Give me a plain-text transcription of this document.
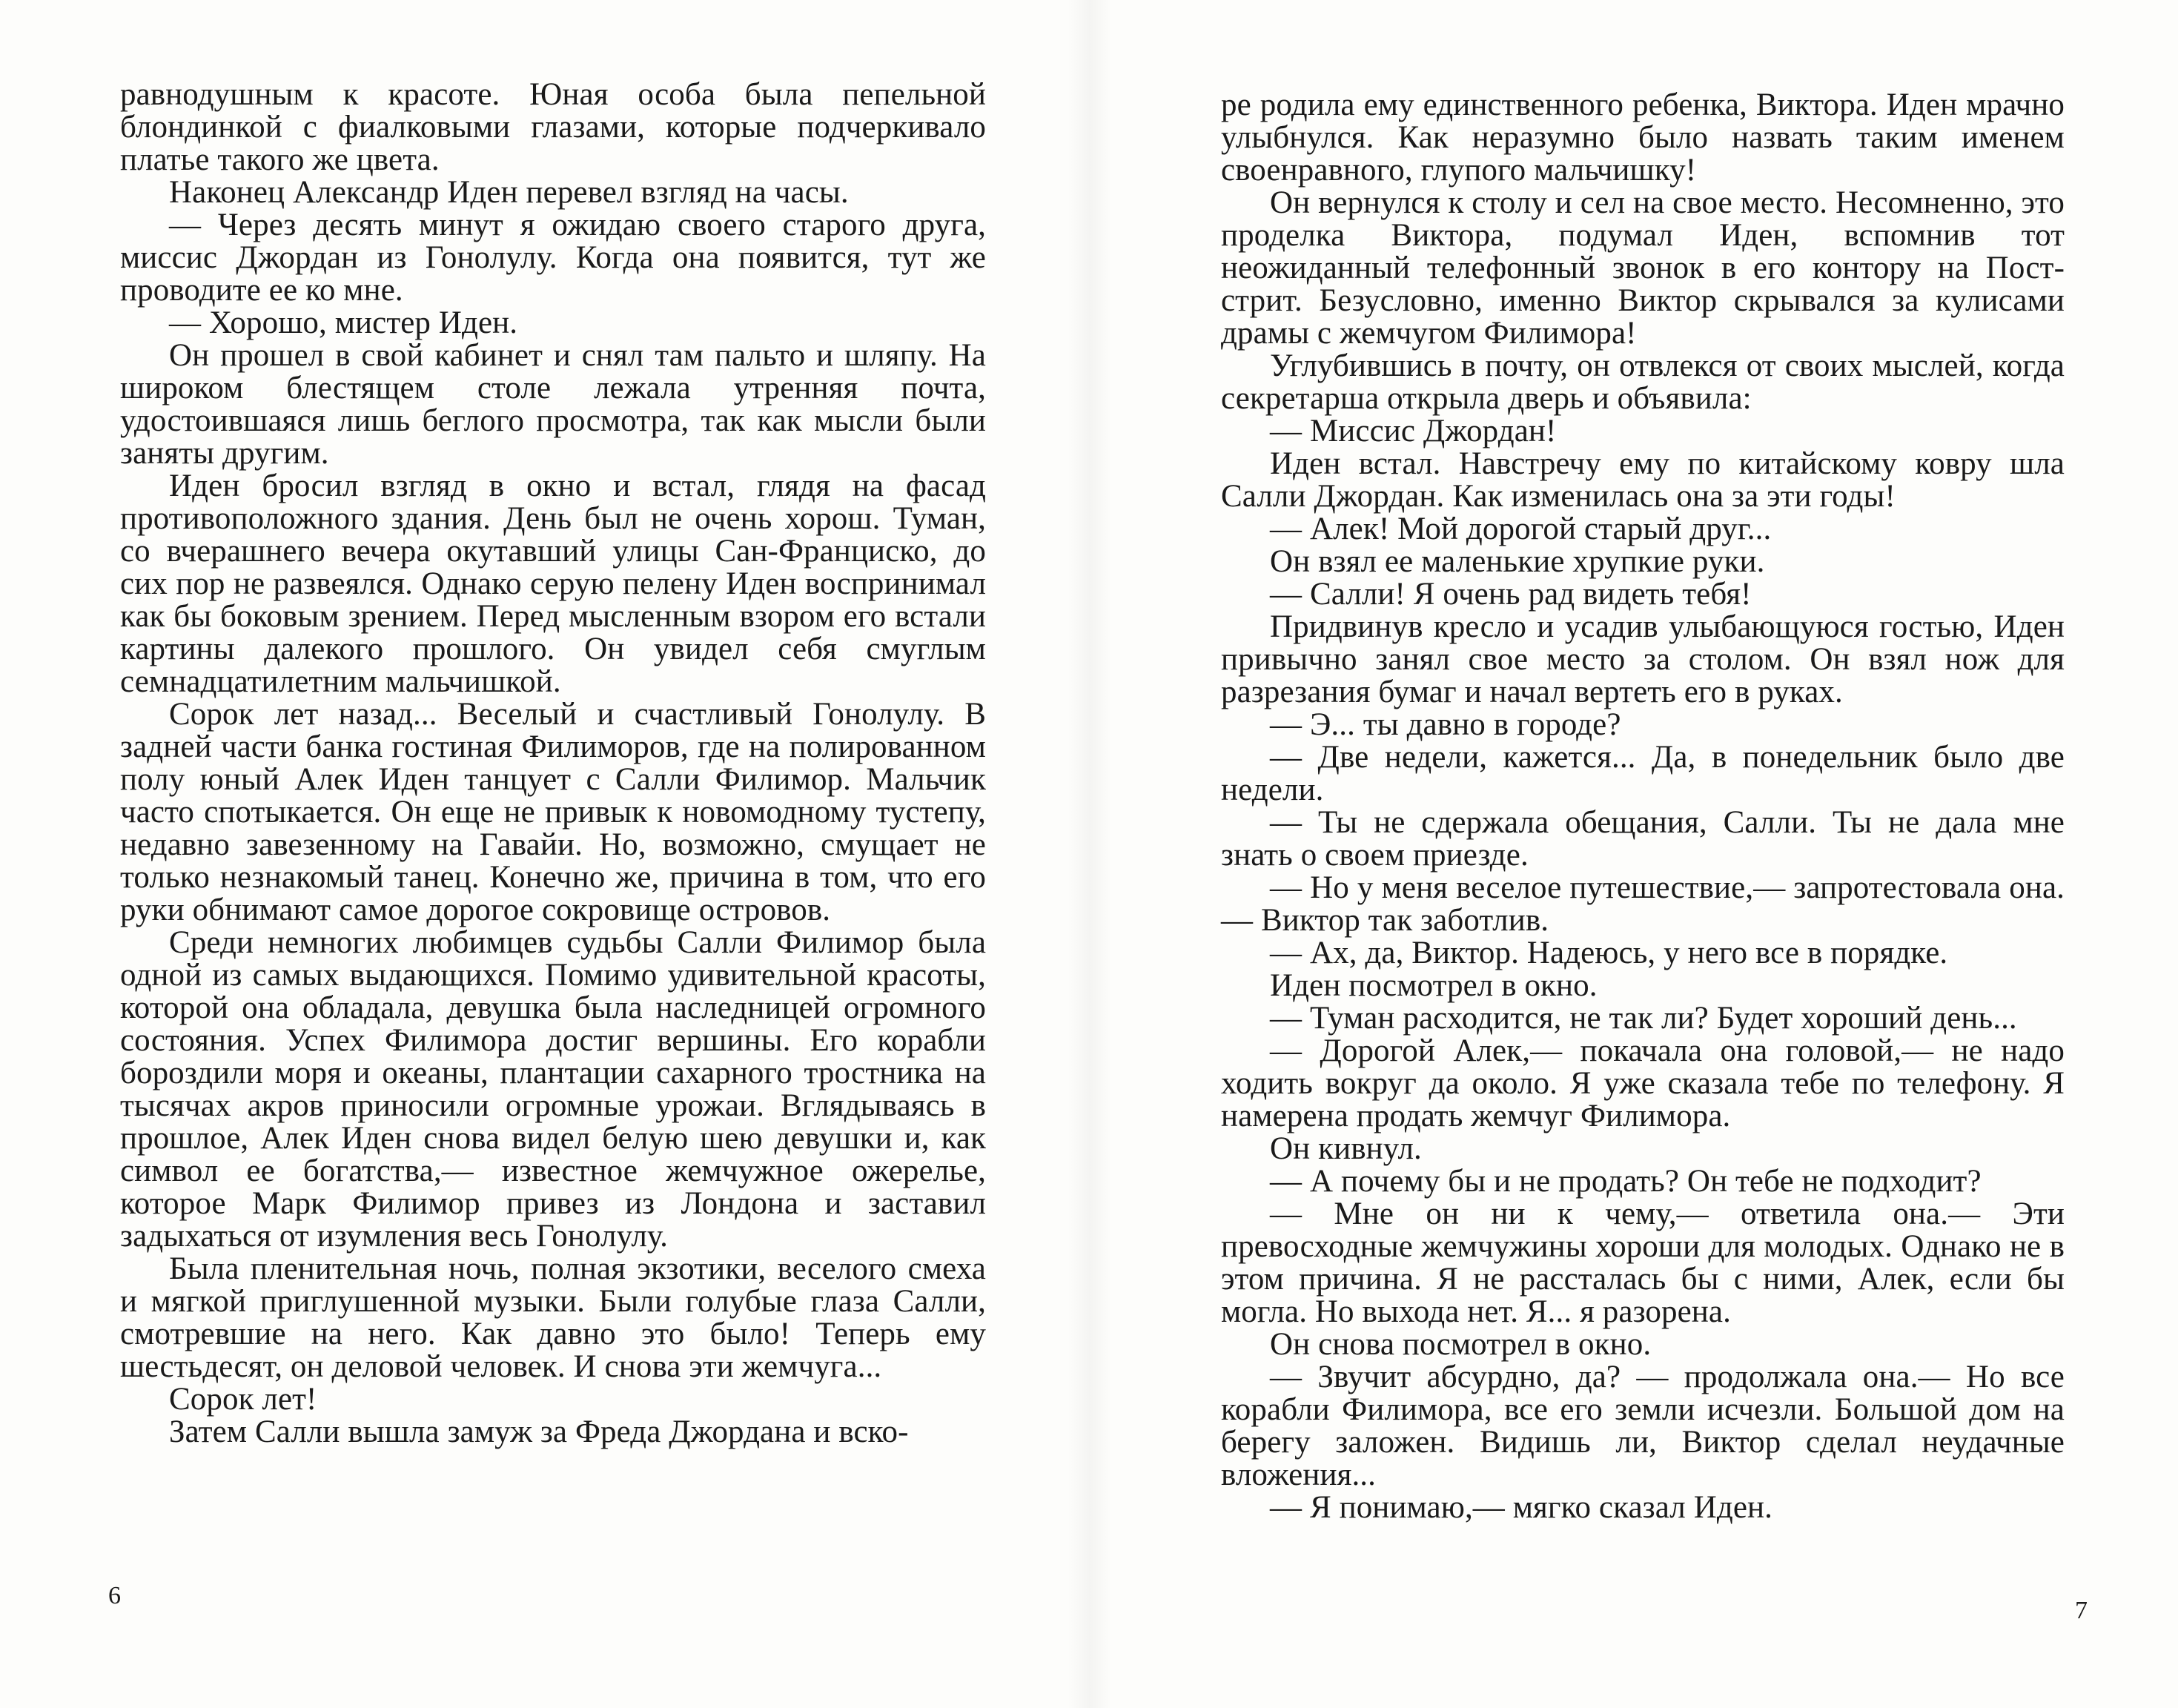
равнодушным к красоте. Юная особа была пепельной блондинкой с фиалковыми глазами, которые подчеркивало платье такого же цвета.

Наконец Александр Иден перевел взгляд на часы.

— Через десять минут я ожидаю своего старого друга, миссис Джордан из Гонолулу. Когда она появится, тут же проводите ее ко мне.

— Хорошо, мистер Иден.

Он прошел в свой кабинет и снял там пальто и шляпу. На широком блестящем столе лежала утренняя почта, удостоившаяся лишь беглого просмотра, так как мысли были заняты другим.

Иден бросил взгляд в окно и встал, глядя на фасад противоположного здания. День был не очень хорош. Туман, со вчерашнего вечера окутавший улицы Сан-Франциско, до сих пор не развеялся. Однако серую пелену Иден воспринимал как бы боковым зрением. Перед мысленным взором его встали картины далекого прошлого. Он увидел себя смуглым семнадцатилетним мальчишкой.

Сорок лет назад... Веселый и счастливый Гонолулу. В задней части банка гостиная Филиморов, где на полированном полу юный Алек Иден танцует с Салли Филимор. Мальчик часто спотыкается. Он еще не привык к новомодному тустепу, недавно завезенному на Гавайи. Но, возможно, смущает не только незнакомый танец. Конечно же, причина в том, что его руки обнимают самое дорогое сокровище островов.

Среди немногих любимцев судьбы Салли Филимор была одной из самых выдающихся. Помимо удивительной красоты, которой она обладала, девушка была наследницей огромного состояния. Успех Филимора достиг вершины. Его корабли бороздили моря и океаны, плантации сахарного тростника на тысячах акров приносили огромные урожаи. Вглядываясь в прошлое, Алек Иден снова видел белую шею девушки и, как символ ее богатства,— известное жемчужное ожерелье, которое Марк Филимор привез из Лондона и заставил задыхаться от изумления весь Гонолулу.

Была пленительная ночь, полная экзотики, веселого смеха и мягкой приглушенной музыки. Были голубые глаза Салли, смотревшие на него. Как давно это было! Теперь ему шестьдесят, он деловой человек. И снова эти жемчуга...

Сорок лет!

Затем Салли вышла замуж за Фреда Джордана и вско-

6

ре родила ему единственного ребенка, Виктора. Иден мрачно улыбнулся. Как неразумно было назвать таким именем своенравного, глупого мальчишку!

Он вернулся к столу и сел на свое место. Несомненно, это проделка Виктора, подумал Иден, вспомнив тот неожиданный телефонный звонок в его контору на Пост-стрит. Безусловно, именно Виктор скрывался за кулисами драмы с жемчугом Филимора!

Углубившись в почту, он отвлекся от своих мыслей, когда секретарша открыла дверь и объявила:

— Миссис Джордан!

Иден встал. Навстречу ему по китайскому ковру шла Салли Джордан. Как изменилась она за эти годы!

— Алек! Мой дорогой старый друг...

Он взял ее маленькие хрупкие руки.

— Салли! Я очень рад видеть тебя!

Придвинув кресло и усадив улыбающуюся гостью, Иден привычно занял свое место за столом. Он взял нож для разрезания бумаг и начал вертеть его в руках.

— Э... ты давно в городе?

— Две недели, кажется... Да, в понедельник было две недели.

— Ты не сдержала обещания, Салли. Ты не дала мне знать о своем приезде.

— Но у меня веселое путешествие,— запротестовала она.— Виктор так заботлив.

— Ах, да, Виктор. Надеюсь, у него все в порядке.

Иден посмотрел в окно.

— Туман расходится, не так ли? Будет хороший день...

— Дорогой Алек,— покачала она головой,— не надо ходить вокруг да около. Я уже сказала тебе по телефону. Я намерена продать жемчуг Филимора.

Он кивнул.

— А почему бы и не продать? Он тебе не подходит?

— Мне он ни к чему,— ответила она.— Эти превосходные жемчужины хороши для молодых. Однако не в этом причина. Я не рассталась бы с ними, Алек, если бы могла. Но выхода нет. Я... я разорена.

Он снова посмотрел в окно.

— Звучит абсурдно, да? — продолжала она.— Но все корабли Филимора, все его земли исчезли. Большой дом на берегу заложен. Видишь ли, Виктор сделал неудачные вложения...

— Я понимаю,— мягко сказал Иден.

7
